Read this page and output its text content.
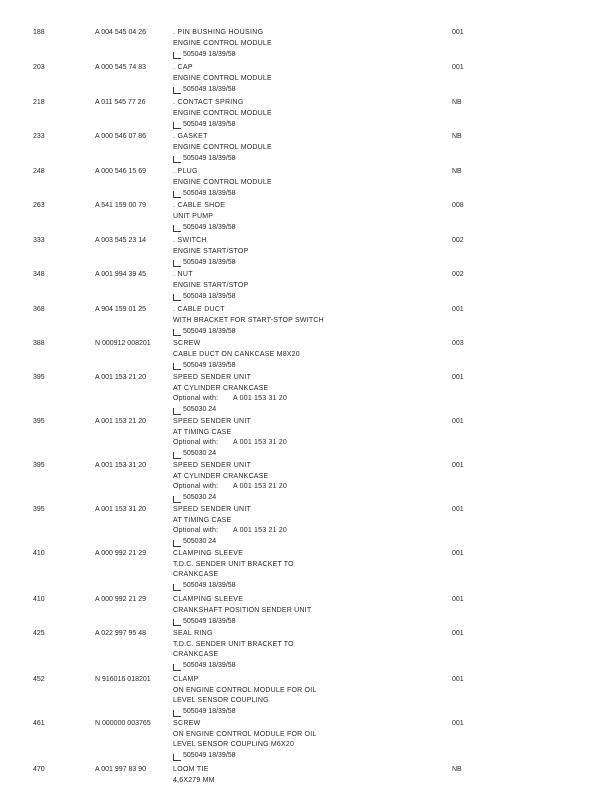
188	A 004 545 04 26	. PIN BUSHING HOUSING
ENGINE CONTROL MODULE
505049 18/39/58
001
203	A 000 545 74 83	. CAP
ENGINE CONTROL MODULE
505049 18/39/58
001
218	A 011 545 77 26	. CONTACT SPRING
ENGINE CONTROL MODULE
505049 18/39/58
NB
233	A 000 546 07 86	. GASKET
ENGINE CONTROL MODULE
505049 18/39/58
NB
248	A 000 546 15 69	. PLUG
ENGINE CONTROL MODULE
505049 18/39/58
NB
263	A 541 159 00 79	. CABLE SHOE
UNIT PUMP
505049 18/39/58
008
333	A 003 545 23 14	. SWITCH
ENGINE START/STOP
505049 18/39/58
002
348	A 001 994 39 45	. NUT
ENGINE START/STOP
505049 18/39/58
002
368	A 904 159 01 25	. CABLE DUCT
WITH BRACKET FOR START-STOP SWITCH
505049 18/39/58
001
388	N 000912 008201	SCREW
CABLE DUCT ON CANKCASE M8X20
505049 18/39/58
003
395	A 001 153 21 20	SPEED SENDER UNIT
AT CYLINDER CRANKCASE
Optional with: A 001 153 31 20
505030 24
001
395	A 001 153 21 20	SPEED SENDER UNIT
AT TIMING CASE
Optional with: A 001 153 31 20
505030 24
001
395	A 001 153 31 20	SPEED SENDER UNIT
AT CYLINDER CRANKCASE
Optional with: A 001 153 21 20
505030 24
001
395	A 001 153 31 20	SPEED SENDER UNIT
AT TIMING CASE
Optional with: A 001 153 21 20
505030 24
001
410	A 000 992 21 29	CLAMPING SLEEVE
T.D.C. SENDER UNIT BRACKET TO
CRANKCASE
505049 18/39/58
001
410	A 000 992 21 29	CLAMPING SLEEVE
CRANKSHAFT POSITION SENDER UNIT
505049 18/39/58
001
425	A 022 997 95 48	SEAL RING
T.D.C. SENDER UNIT BRACKET TO
CRANKCASE
505049 18/39/58
001
452	N 916016 018201	CLAMP
ON ENGINE CONTROL MODULE FOR OIL
LEVEL SENSOR COUPLING
505049 18/39/58
001
461	N 000000 003765	SCREW
ON ENGINE CONTROL MODULE FOR OIL
LEVEL SENSOR COUPLING M6X20
505049 18/39/58
001
470	A 001 997 83 90	LOOM TIE
4,6X279 MM
NB
